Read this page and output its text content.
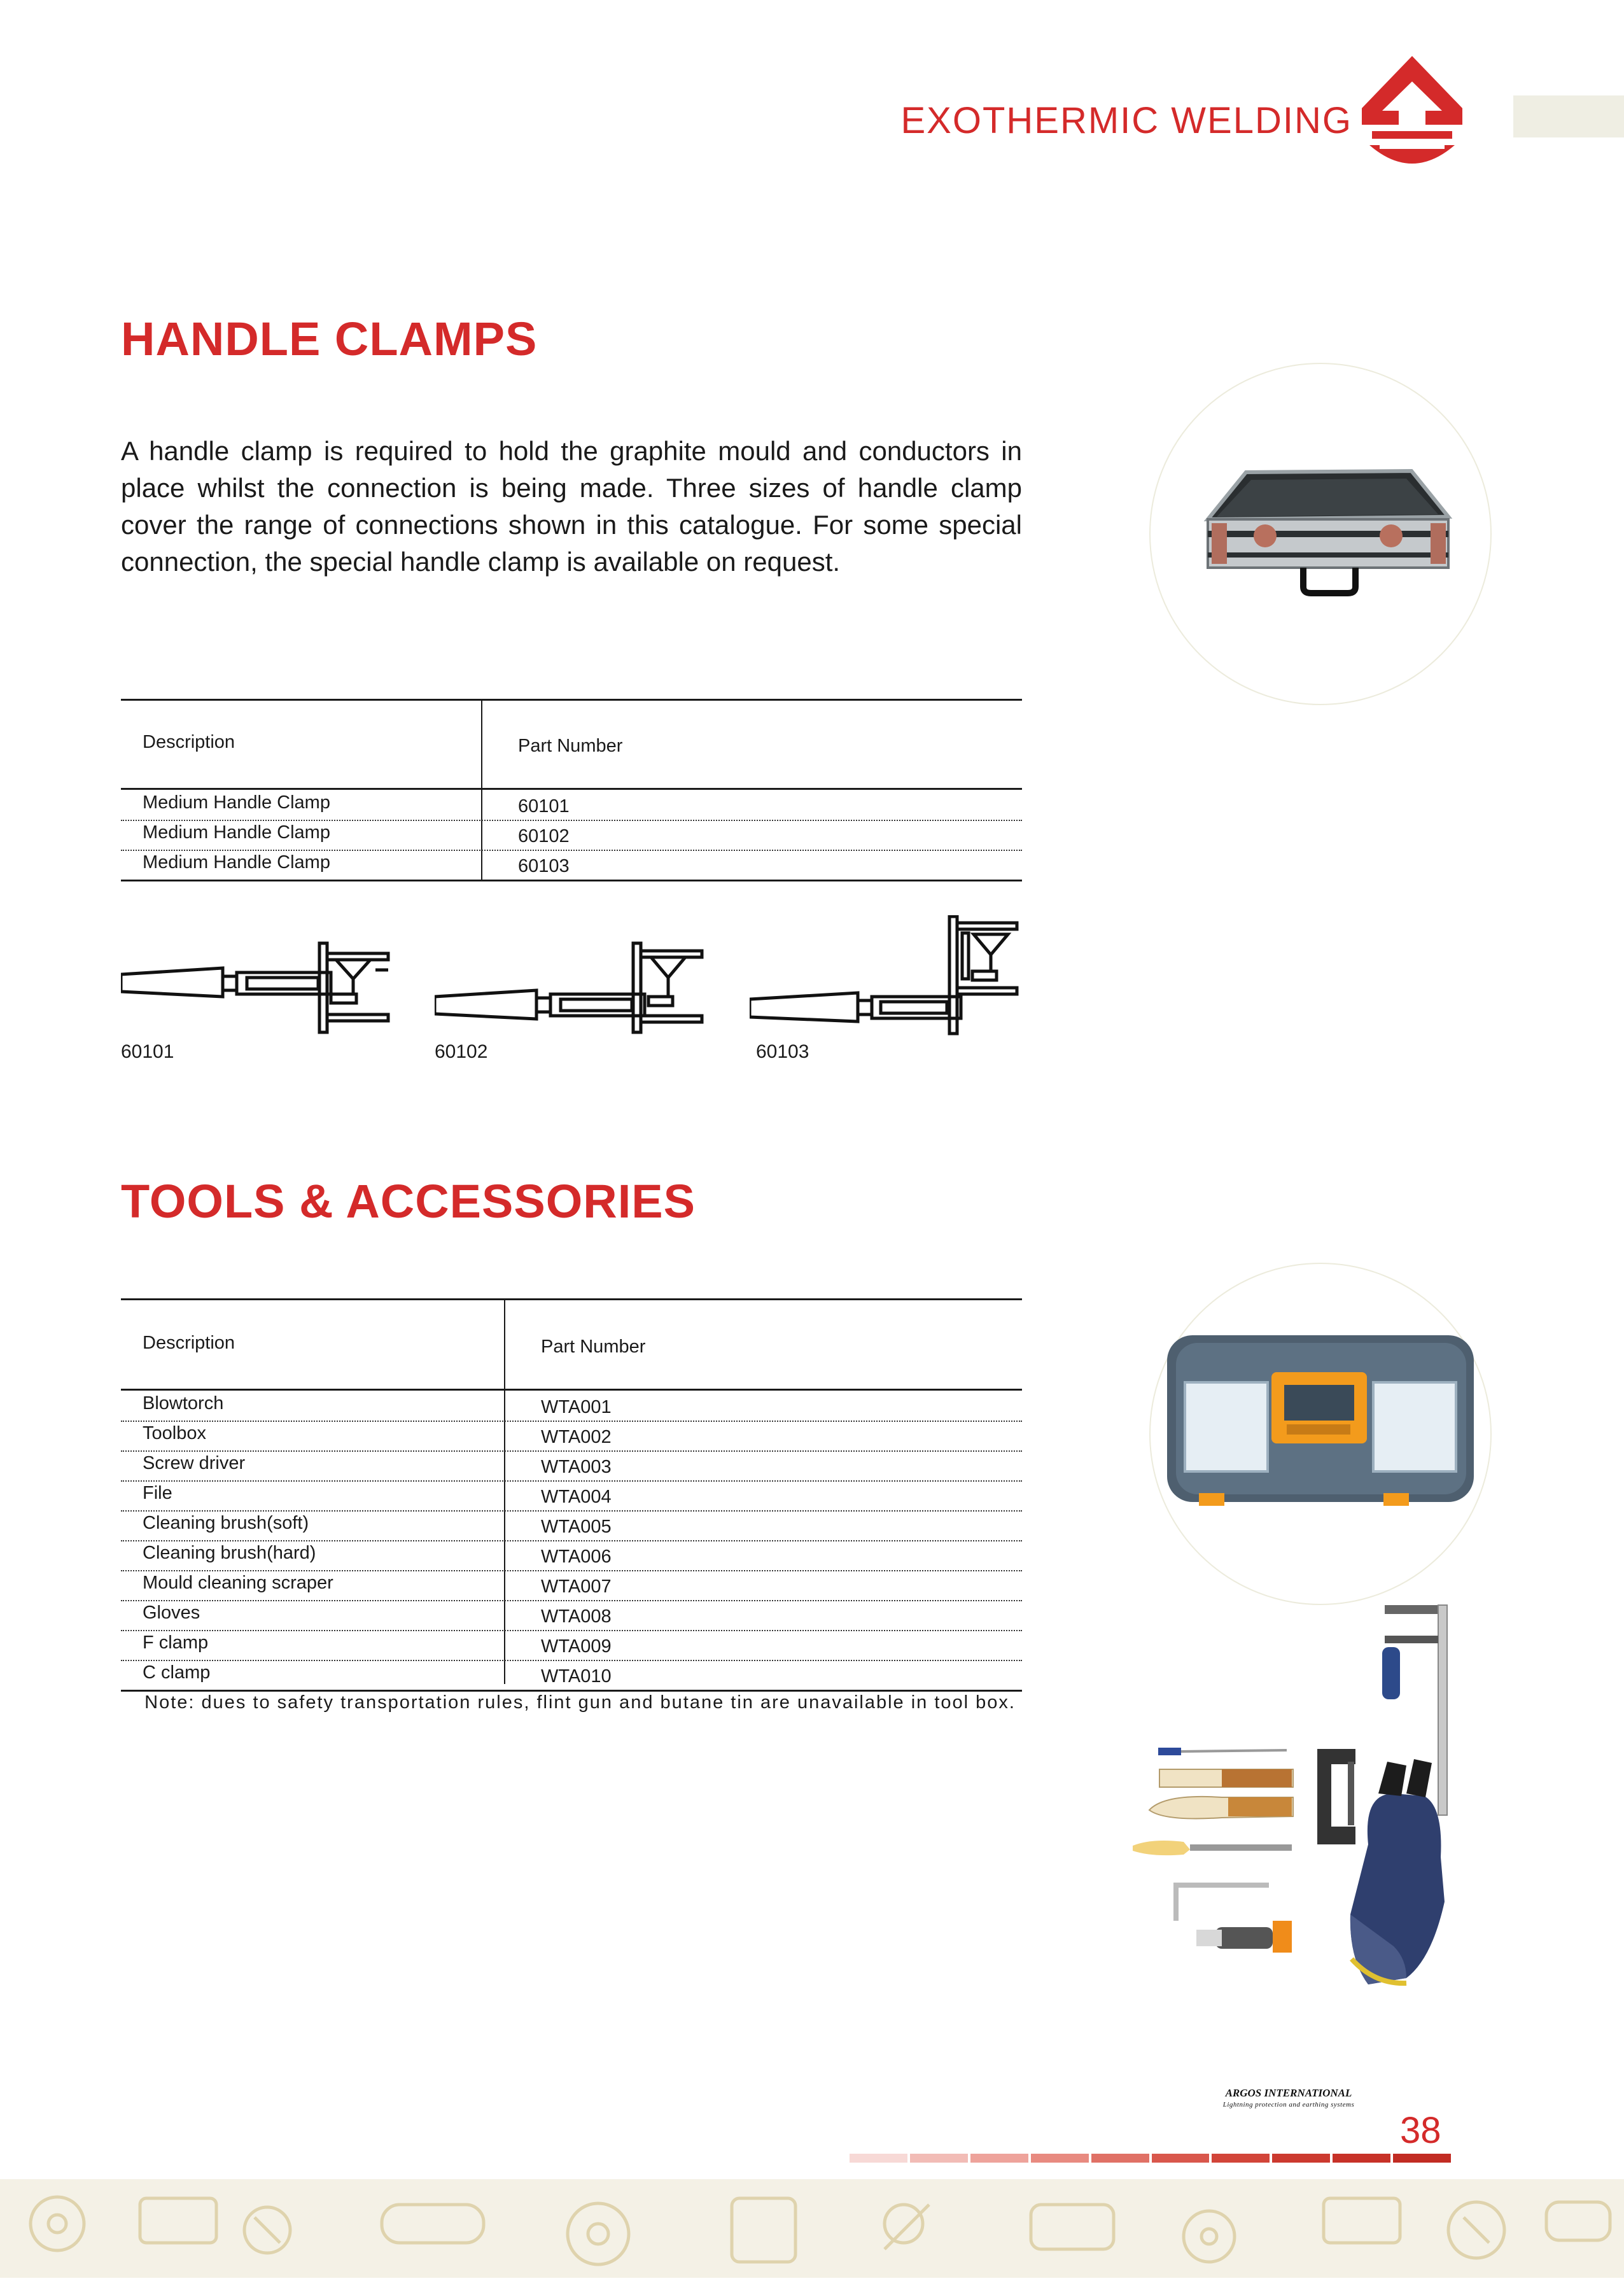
EXOTHERMIC WELDING
HANDLE CLAMPS
A handle clamp is required to hold the graphite mould and conductors in place whilst the connection is being made. Three sizes of handle clamp cover the range of connections shown in this catalogue. For some special connection, the special handle clamp is available on request.
Description	Part Number
Medium Handle Clamp	60101
Medium Handle Clamp	60102
Medium Handle Clamp	60103
60101	60102	60103
TOOLS & ACCESSORIES
Description	Part Number
Blowtorch	WTA001
Toolbox	WTA002
Screw driver	WTA003
File	WTA004
Cleaning brush(soft)	WTA005
Cleaning brush(hard)	WTA006
Mould cleaning scraper	WTA007
Gloves	WTA008
F clamp	WTA009
C clamp	WTA010
Note: dues to safety transportation rules, flint gun and butane tin are unavailable in tool box.
ARGOS INTERNATIONAL
Lightning protection and earthing systems
38
